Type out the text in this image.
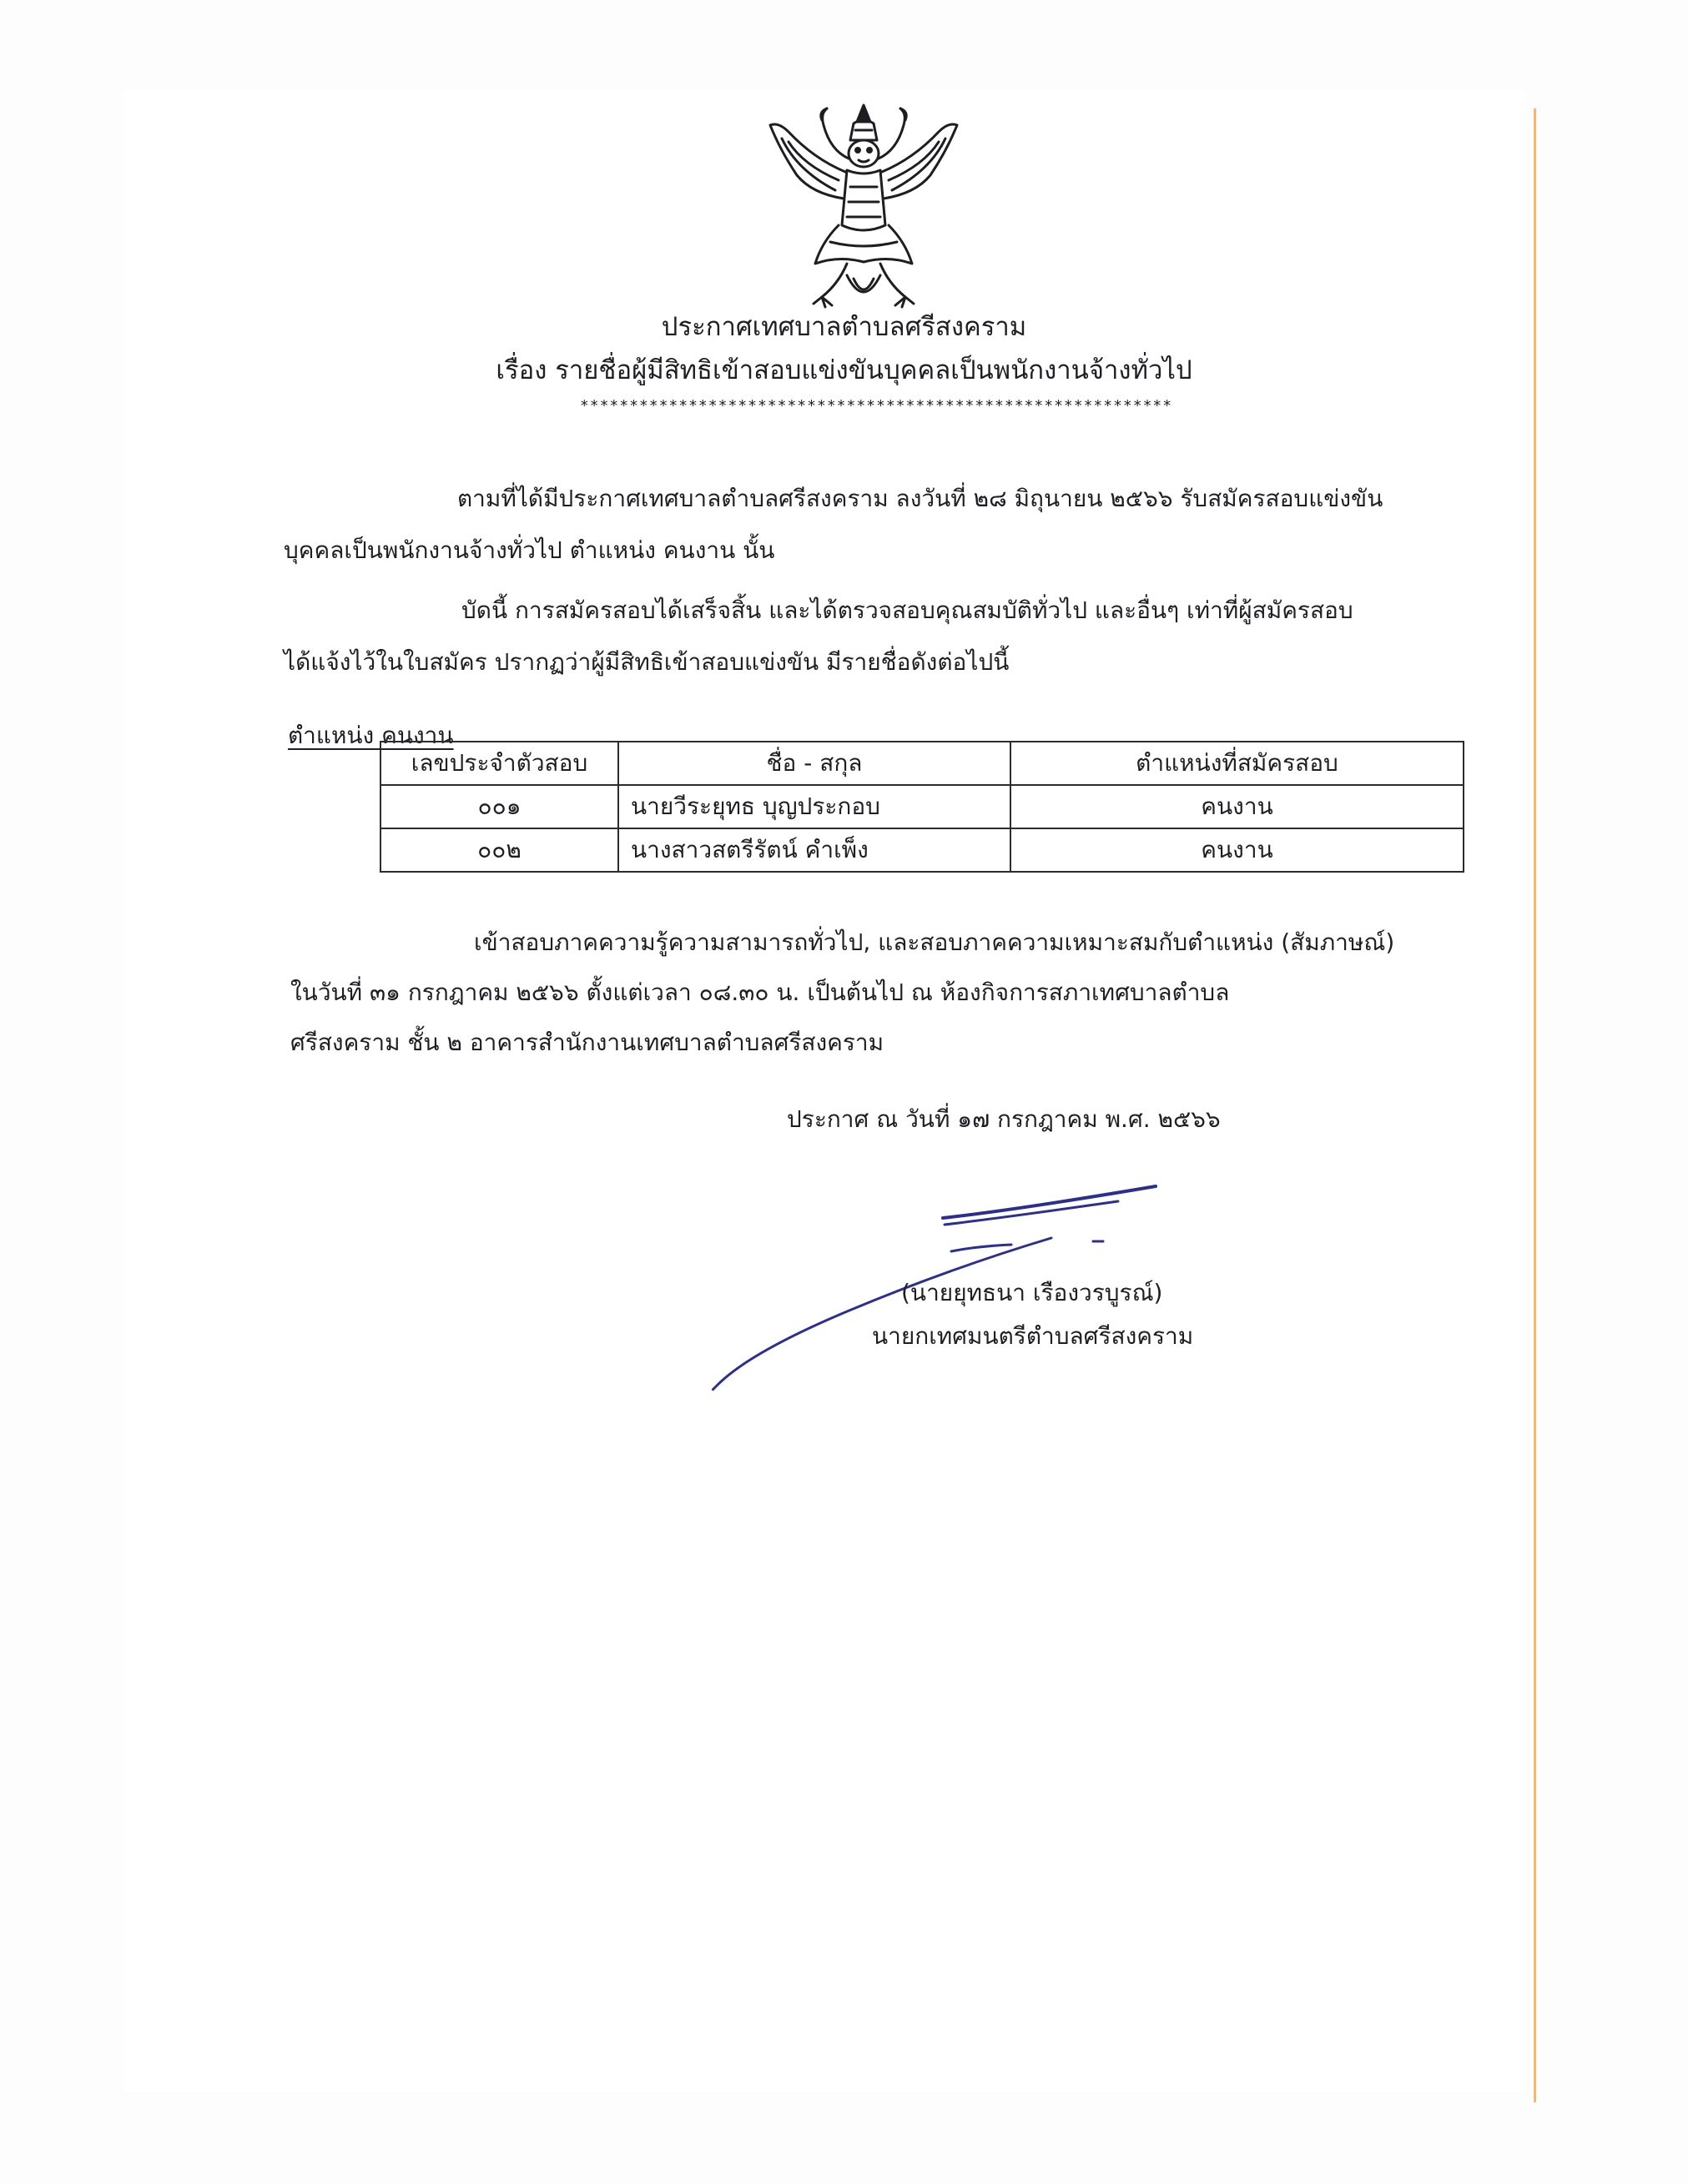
ประกาศเทศบาลตำบลศรีสงคราม
เรื่อง รายชื่อผู้มีสิทธิเข้าสอบแข่งขันบุคคลเป็นพนักงานจ้างทั่วไป
************************************************************
ตามที่ได้มีประกาศเทศบาลตำบลศรีสงคราม ลงวันที่ ๒๘ มิถุนายน ๒๕๖๖ รับสมัครสอบแข่งขัน
บุคคลเป็นพนักงานจ้างทั่วไป ตำแหน่ง คนงาน นั้น
บัดนี้ การสมัครสอบได้เสร็จสิ้น และได้ตรวจสอบคุณสมบัติทั่วไป และอื่นๆ เท่าที่ผู้สมัครสอบ
ได้แจ้งไว้ในใบสมัคร ปรากฏว่าผู้มีสิทธิเข้าสอบแข่งขัน มีรายชื่อดังต่อไปนี้
ตำแหน่ง คนงาน
เลขประจำตัวสอบ	ชื่อ - สกุล	ตำแหน่งที่สมัครสอบ
๐๐๑	นายวีระยุทธ บุญประกอบ	คนงาน
๐๐๒	นางสาวสตรีรัตน์ คำเพ็ง	คนงาน
เข้าสอบภาคความรู้ความสามารถทั่วไป, และสอบภาคความเหมาะสมกับตำแหน่ง (สัมภาษณ์)
ในวันที่ ๓๑ กรกฎาคม ๒๕๖๖ ตั้งแต่เวลา ๐๘.๓๐ น. เป็นต้นไป ณ ห้องกิจการสภาเทศบาลตำบล
ศรีสงคราม ชั้น ๒ อาคารสำนักงานเทศบาลตำบลศรีสงคราม
ประกาศ ณ วันที่ ๑๗ กรกฎาคม พ.ศ. ๒๕๖๖
(นายยุทธนา เรืองวรบูรณ์)
นายกเทศมนตรีตำบลศรีสงคราม
